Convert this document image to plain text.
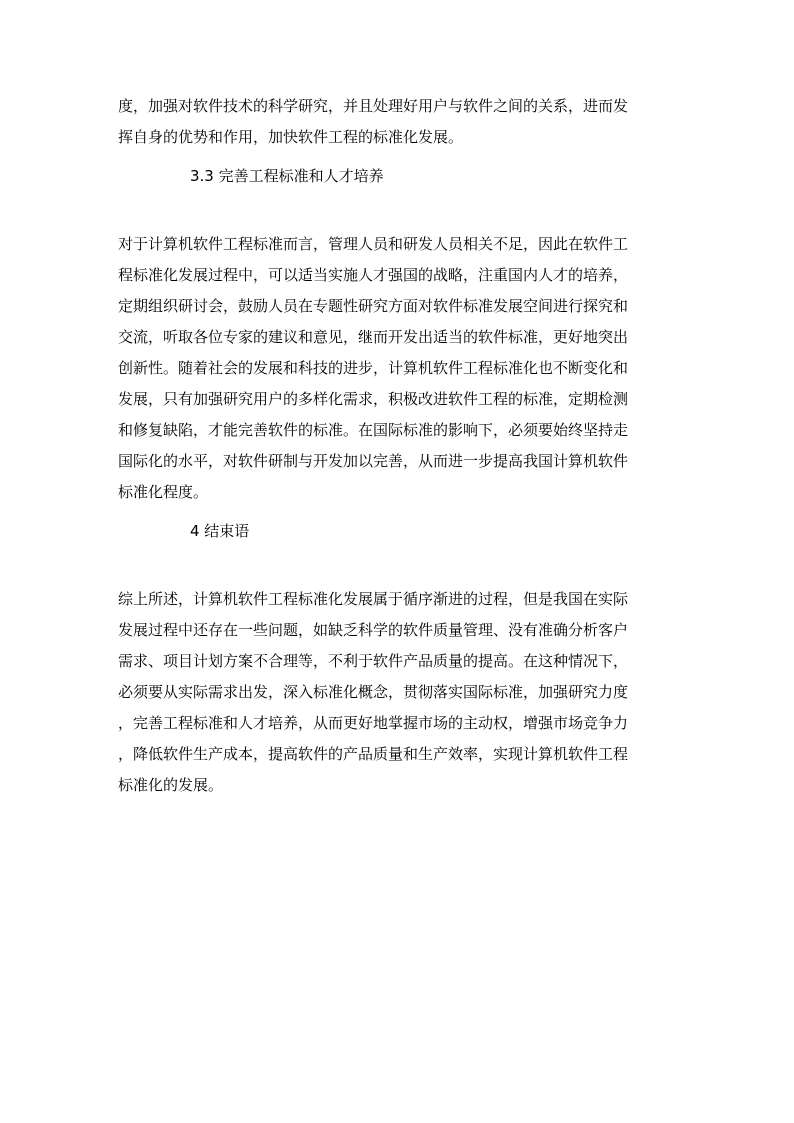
度，加强对软件技术的科学研究，并且处理好用户与软件之间的关系，进而发
挥自身的优势和作用，加快软件工程的标准化发展。
3.3 完善工程标准和人才培养
对于计算机软件工程标准而言，管理人员和研发人员相关不足，因此在软件工
程标准化发展过程中，可以适当实施人才强国的战略，注重国内人才的培养，
定期组织研讨会，鼓励人员在专题性研究方面对软件标准发展空间进行探究和
交流，听取各位专家的建议和意见，继而开发出适当的软件标准，更好地突出
创新性。随着社会的发展和科技的进步，计算机软件工程标准化也不断变化和
发展，只有加强研究用户的多样化需求，积极改进软件工程的标准，定期检测
和修复缺陷，才能完善软件的标准。在国际标准的影响下，必须要始终坚持走
国际化的水平，对软件研制与开发加以完善，从而进一步提高我国计算机软件
标准化程度。
4 结束语
综上所述，计算机软件工程标准化发展属于循序渐进的过程，但是我国在实际
发展过程中还存在一些问题，如缺乏科学的软件质量管理、没有准确分析客户
需求、项目计划方案不合理等，不利于软件产品质量的提高。在这种情况下，
必须要从实际需求出发，深入标准化概念，贯彻落实国际标准，加强研究力度
，完善工程标准和人才培养，从而更好地掌握市场的主动权，增强市场竞争力
，降低软件生产成本，提高软件的产品质量和生产效率，实现计算机软件工程
标准化的发展。
